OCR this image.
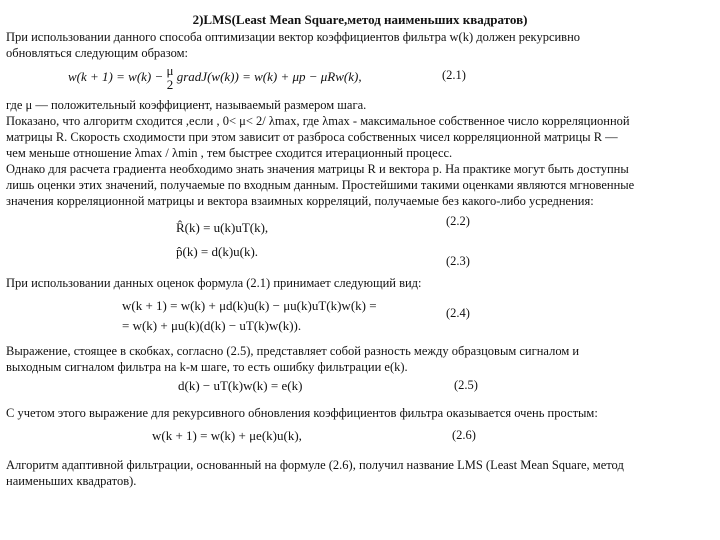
2)LMS(Least Mean Square,метод наименьших квадратов)
При использовании данного способа оптимизации вектор коэффициентов фильтра w(k) должен рекурсивно
обновляться следующим образом:
w(k + 1) = w(k) − μ
2
gradJ(w(k)) = w(k) + μp − μRw(k),	(2.1)
где μ — положительный коэффициент, называемый размером шага.
Показано, что алгоритм сходится ,если , 0< μ< 2/ λmax, где λmax - максимальное собственное число корреляционной
матрицы R. Скорость сходимости при этом зависит от разброса собственных чисел корреляционной матрицы R —
чем меньше отношение λmax / λmin , тем быстрее сходится итерационный процесс.
Однако для расчета градиента необходимо знать значения матрицы R и вектора p. На практике могут быть доступны
лишь оценки этих значений, получаемые по входным данным. Простейшими такими оценками являются мгновенные
значения корреляционной матрицы и вектора взаимных корреляций, получаемые без какого-либо усреднения:
R̂(k) = u(k)uT(k),	(2.2)
p̂(k) = d(k)u(k).
(2.3)
При использовании данных оценок формула (2.1) принимает следующий вид:
w(k + 1) = w(k) + μd(k)u(k) − μu(k)uT(k)w(k) =
= w(k) + μu(k)(d(k) − uT(k)w(k)).
(2.4)
Выражение, стоящее в скобках, согласно (2.5), представляет собой разность между образцовым сигналом и
выходным сигналом фильтра на k-м шаге, то есть ошибку фильтрации e(k).
d(k) − uT(k)w(k) = e(k)	(2.5)
С учетом этого выражение для рекурсивного обновления коэффициентов фильтра оказывается очень простым:
w(k + 1) = w(k) + μe(k)u(k),	(2.6)
Алгоритм адаптивной фильтрации, основанный на формуле (2.6), получил название LMS (Least Mean Square, метод
наименьших квадратов).
